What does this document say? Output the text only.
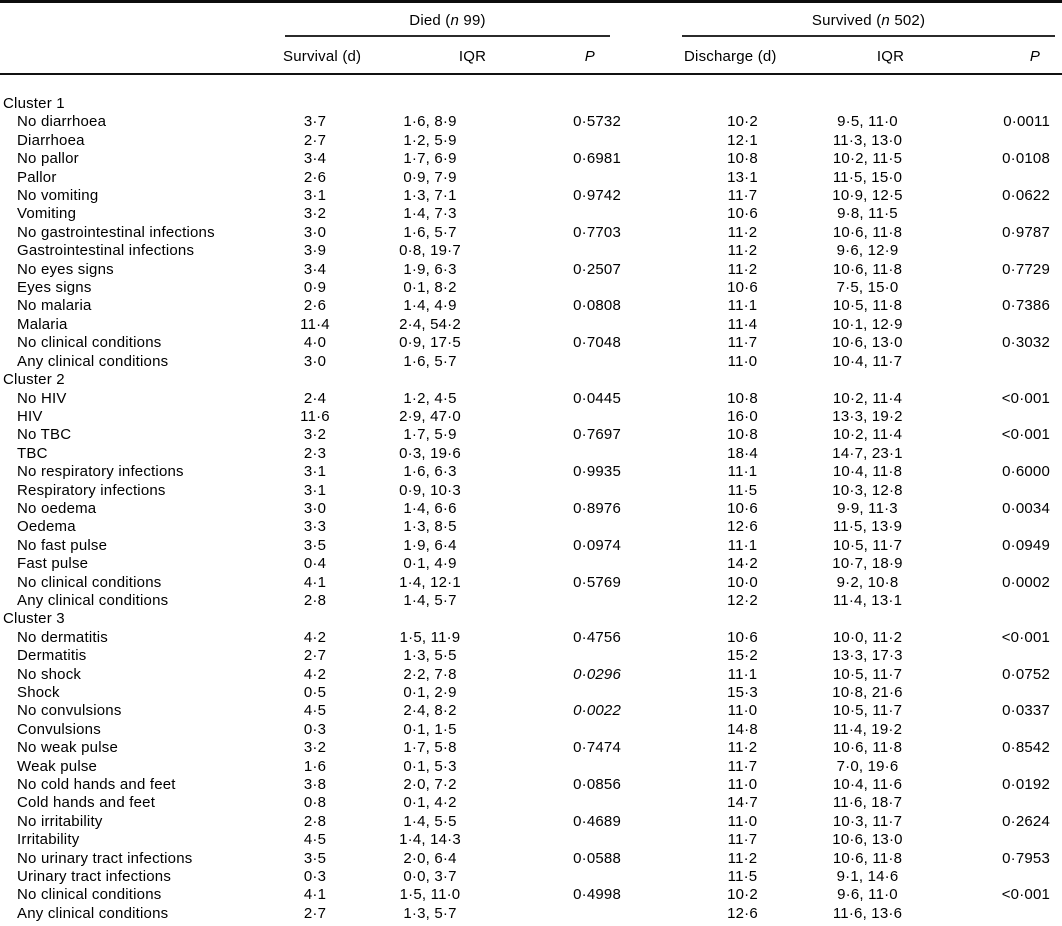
	Died (n 99)				Survived (n 502)		

	Survival (d)	IQR	P		Discharge (d)	IQR	P
Cluster 1							
No diarrhoea	3·7	1·6, 8·9	0·5732		10·2	9·5, 11·0	0·0011
Diarrhoea	2·7	1·2, 5·9			12·1	11·3, 13·0	
No pallor	3·4	1·7, 6·9	0·6981		10·8	10·2, 11·5	0·0108
Pallor	2·6	0·9, 7·9			13·1	11·5, 15·0	
No vomiting	3·1	1·3, 7·1	0·9742		11·7	10·9, 12·5	0·0622
Vomiting	3·2	1·4, 7·3			10·6	9·8, 11·5	
No gastrointestinal infections	3·0	1·6, 5·7	0·7703		11·2	10·6, 11·8	0·9787
Gastrointestinal infections	3·9	0·8, 19·7			11·2	9·6, 12·9	
No eyes signs	3·4	1·9, 6·3	0·2507		11·2	10·6, 11·8	0·7729
Eyes signs	0·9	0·1, 8·2			10·6	7·5, 15·0	
No malaria	2·6	1·4, 4·9	0·0808		11·1	10·5, 11·8	0·7386
Malaria	11·4	2·4, 54·2			11·4	10·1, 12·9	
No clinical conditions	4·0	0·9, 17·5	0·7048		11·7	10·6, 13·0	0·3032
Any clinical conditions	3·0	1·6, 5·7			11·0	10·4, 11·7	
Cluster 2							
No HIV	2·4	1·2, 4·5	0·0445		10·8	10·2, 11·4	<0·001
HIV	11·6	2·9, 47·0			16·0	13·3, 19·2	
No TBC	3·2	1·7, 5·9	0·7697		10·8	10·2, 11·4	<0·001
TBC	2·3	0·3, 19·6			18·4	14·7, 23·1	
No respiratory infections	3·1	1·6, 6·3	0·9935		11·1	10·4, 11·8	0·6000
Respiratory infections	3·1	0·9, 10·3			11·5	10·3, 12·8	
No oedema	3·0	1·4, 6·6	0·8976		10·6	9·9, 11·3	0·0034
Oedema	3·3	1·3, 8·5			12·6	11·5, 13·9	
No fast pulse	3·5	1·9, 6·4	0·0974		11·1	10·5, 11·7	0·0949
Fast pulse	0·4	0·1, 4·9			14·2	10·7, 18·9	
No clinical conditions	4·1	1·4, 12·1	0·5769		10·0	9·2, 10·8	0·0002
Any clinical conditions	2·8	1·4, 5·7			12·2	11·4, 13·1	
Cluster 3							
No dermatitis	4·2	1·5, 11·9	0·4756		10·6	10·0, 11·2	<0·001
Dermatitis	2·7	1·3, 5·5			15·2	13·3, 17·3	
No shock	4·2	2·2, 7·8	0·0296		11·1	10·5, 11·7	0·0752
Shock	0·5	0·1, 2·9			15·3	10·8, 21·6	
No convulsions	4·5	2·4, 8·2	0·0022		11·0	10·5, 11·7	0·0337
Convulsions	0·3	0·1, 1·5			14·8	11·4, 19·2	
No weak pulse	3·2	1·7, 5·8	0·7474		11·2	10·6, 11·8	0·8542
Weak pulse	1·6	0·1, 5·3			11·7	7·0, 19·6	
No cold hands and feet	3·8	2·0, 7·2	0·0856		11·0	10·4, 11·6	0·0192
Cold hands and feet	0·8	0·1, 4·2			14·7	11·6, 18·7	
No irritability	2·8	1·4, 5·5	0·4689		11·0	10·3, 11·7	0·2624
Irritability	4·5	1·4, 14·3			11·7	10·6, 13·0	
No urinary tract infections	3·5	2·0, 6·4	0·0588		11·2	10·6, 11·8	0·7953
Urinary tract infections	0·3	0·0, 3·7			11·5	9·1, 14·6	
No clinical conditions	4·1	1·5, 11·0	0·4998		10·2	9·6, 11·0	<0·001
Any clinical conditions	2·7	1·3, 5·7			12·6	11·6, 13·6	
